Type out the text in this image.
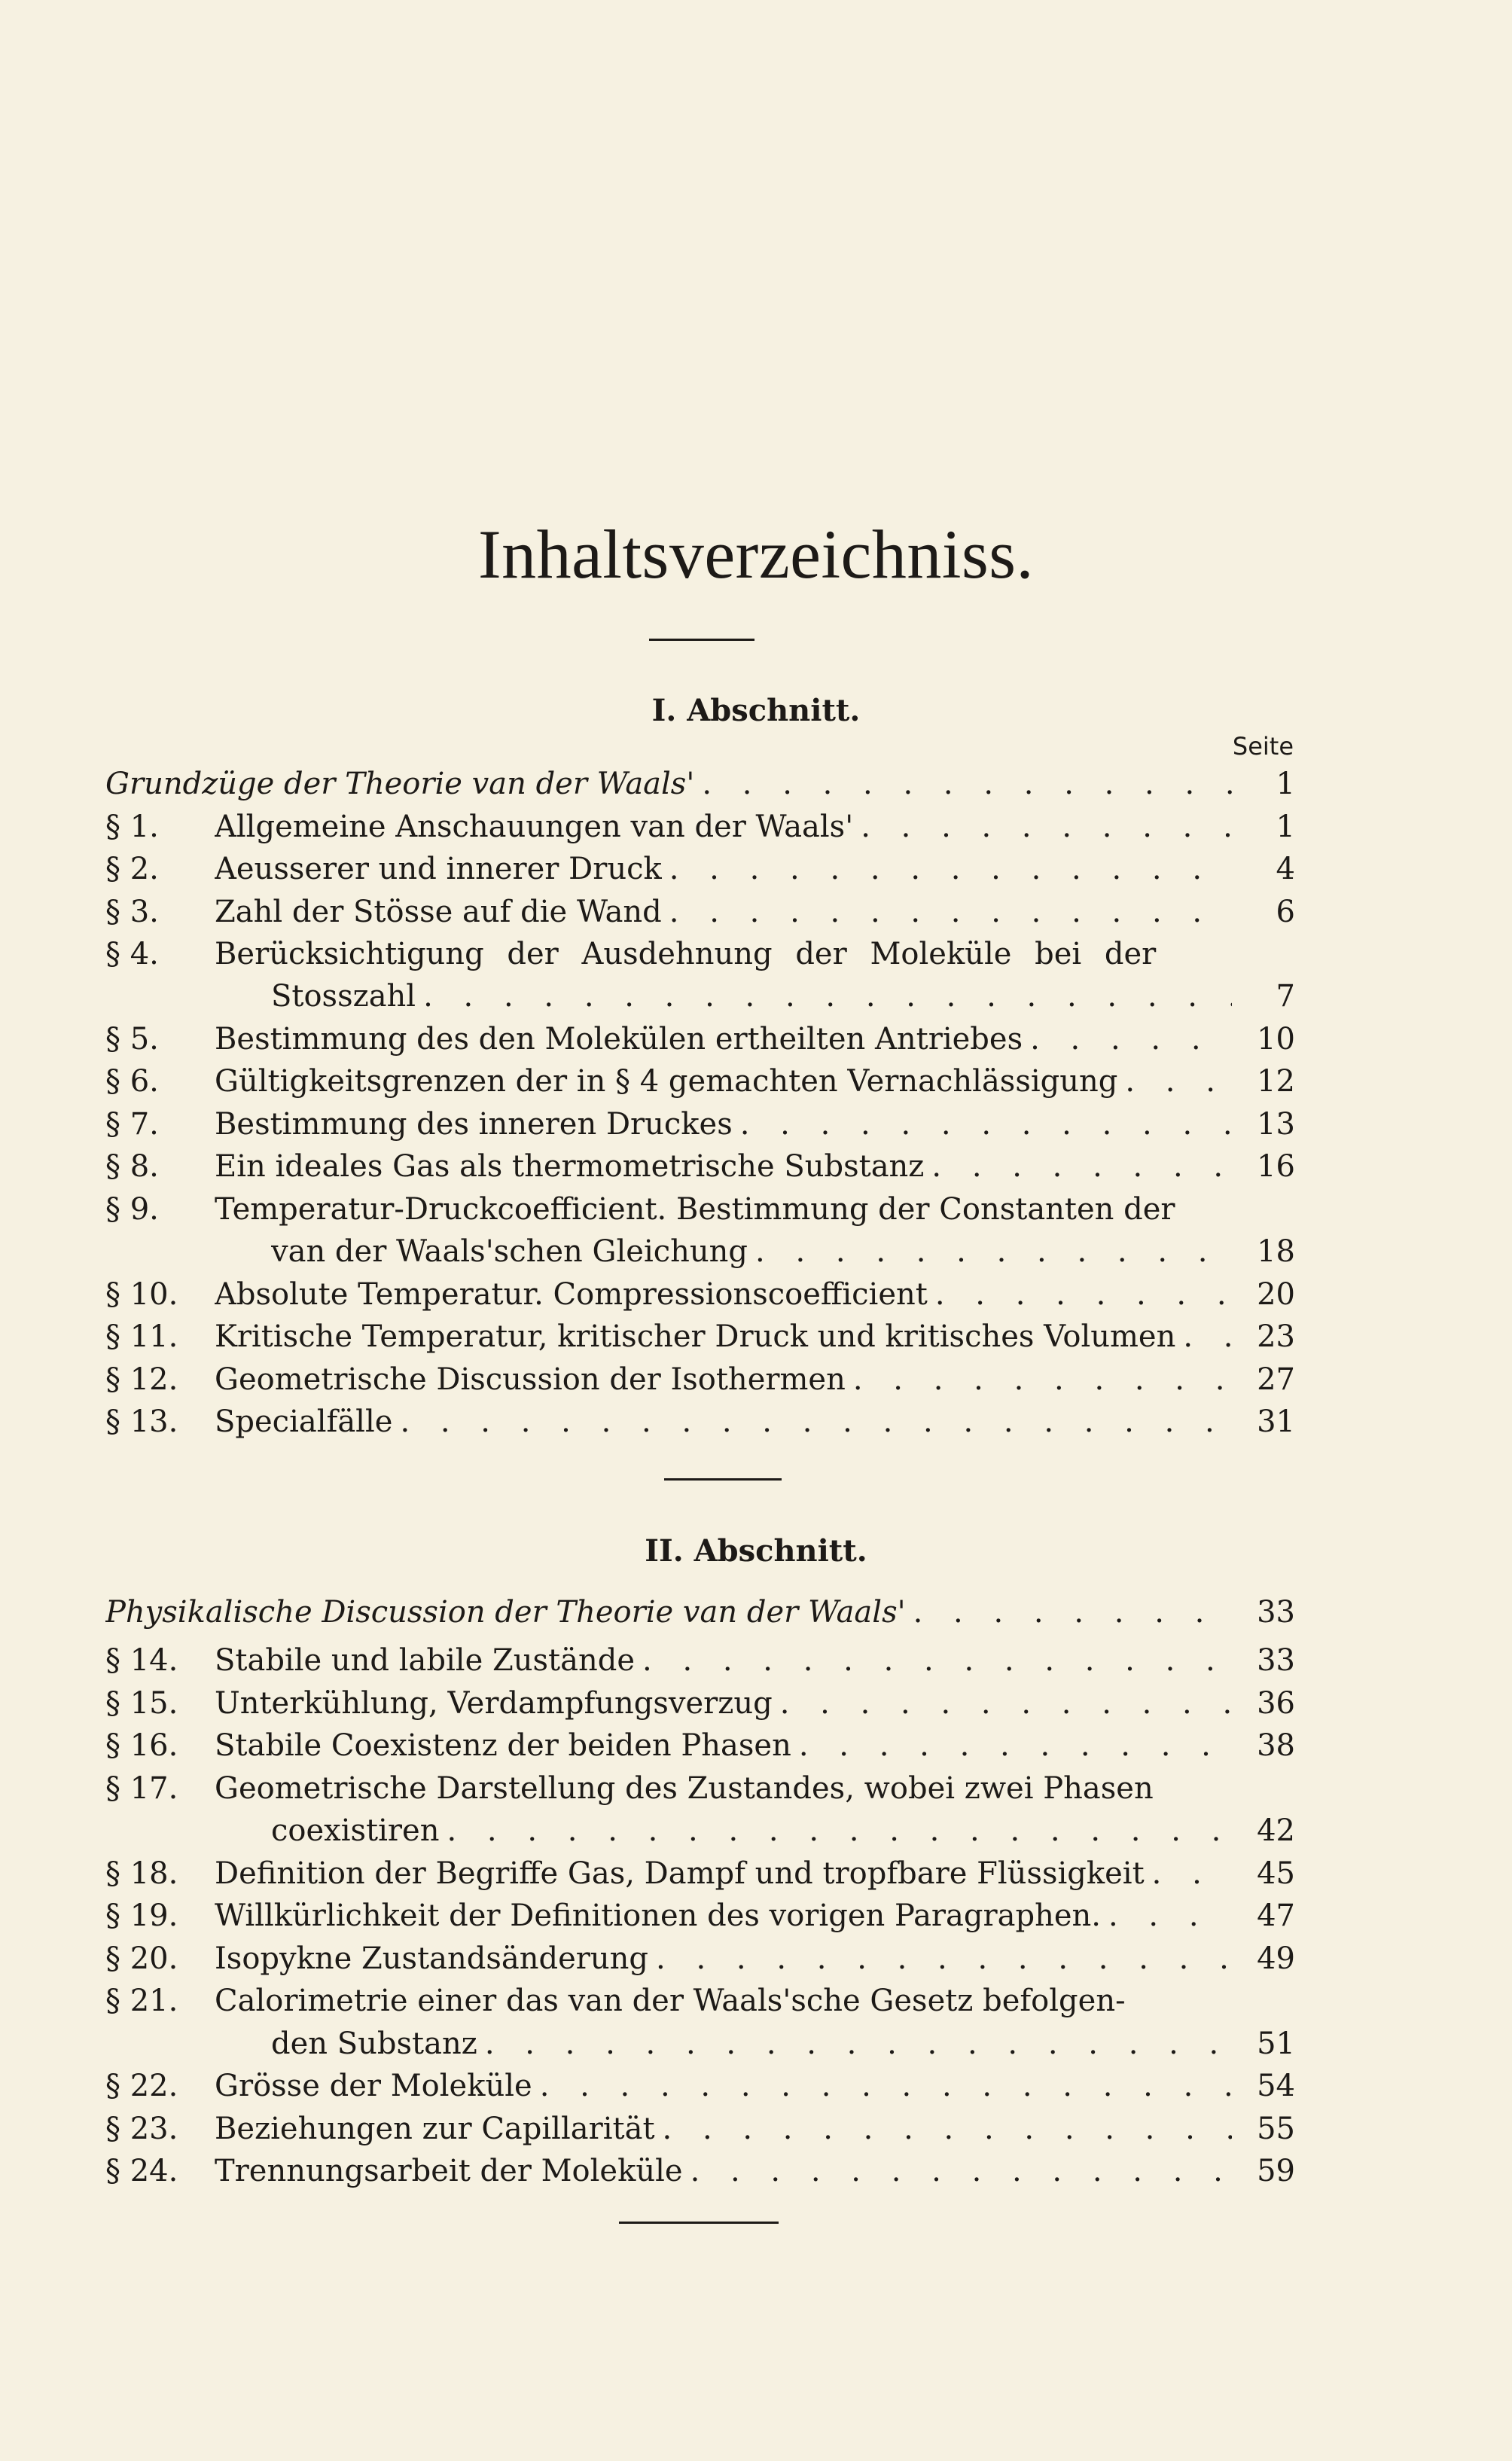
Inhaltsverzeichniss.
I. Abschnitt.
Seite
Grundzüge der Theorie van der Waals' . . .	1
§ 1. Allgemeine Anschauungen van der Waals' . . .	1
§ 2. Aeusserer und innerer Druck . . .	4
§ 3. Zahl der Stösse auf die Wand . . .	6
§ 4. Berücksichtigung der Ausdehnung der Moleküle bei der
Stosszahl . . .	7
§ 5. Bestimmung des den Molekülen ertheilten Antriebes . . .	10
§ 6. Gültigkeitsgrenzen der in § 4 gemachten Vernachlässigung . . .	12
§ 7. Bestimmung des inneren Druckes . . .	13
§ 8. Ein ideales Gas als thermometrische Substanz . . .	16
§ 9. Temperatur-Druckcoefficient. Bestimmung der Constanten der
van der Waals'schen Gleichung . . .	18
§ 10. Absolute Temperatur. Compressionscoefficient . . .	20
§ 11. Kritische Temperatur, kritischer Druck und kritisches Volumen . . .	23
§ 12. Geometrische Discussion der Isothermen . . .	27
§ 13. Specialfälle . . .	31
II. Abschnitt.
Physikalische Discussion der Theorie van der Waals' . . .	33
§ 14. Stabile und labile Zustände . . .	33
§ 15. Unterkühlung, Verdampfungsverzug . . .	36
§ 16. Stabile Coexistenz der beiden Phasen . . .	38
§ 17. Geometrische Darstellung des Zustandes, wobei zwei Phasen
coexistiren . . .	42
§ 18. Definition der Begriffe Gas, Dampf und tropfbare Flüssigkeit . . .	45
§ 19. Willkürlichkeit der Definitionen des vorigen Paragraphen. . . .	47
§ 20. Isopykne Zustandsänderung . . .	49
§ 21. Calorimetrie einer das van der Waals'sche Gesetz befolgen-
den Substanz . . .	51
§ 22. Grösse der Moleküle . . .	54
§ 23. Beziehungen zur Capillarität . . .	55
§ 24. Trennungsarbeit der Moleküle . . .	59
